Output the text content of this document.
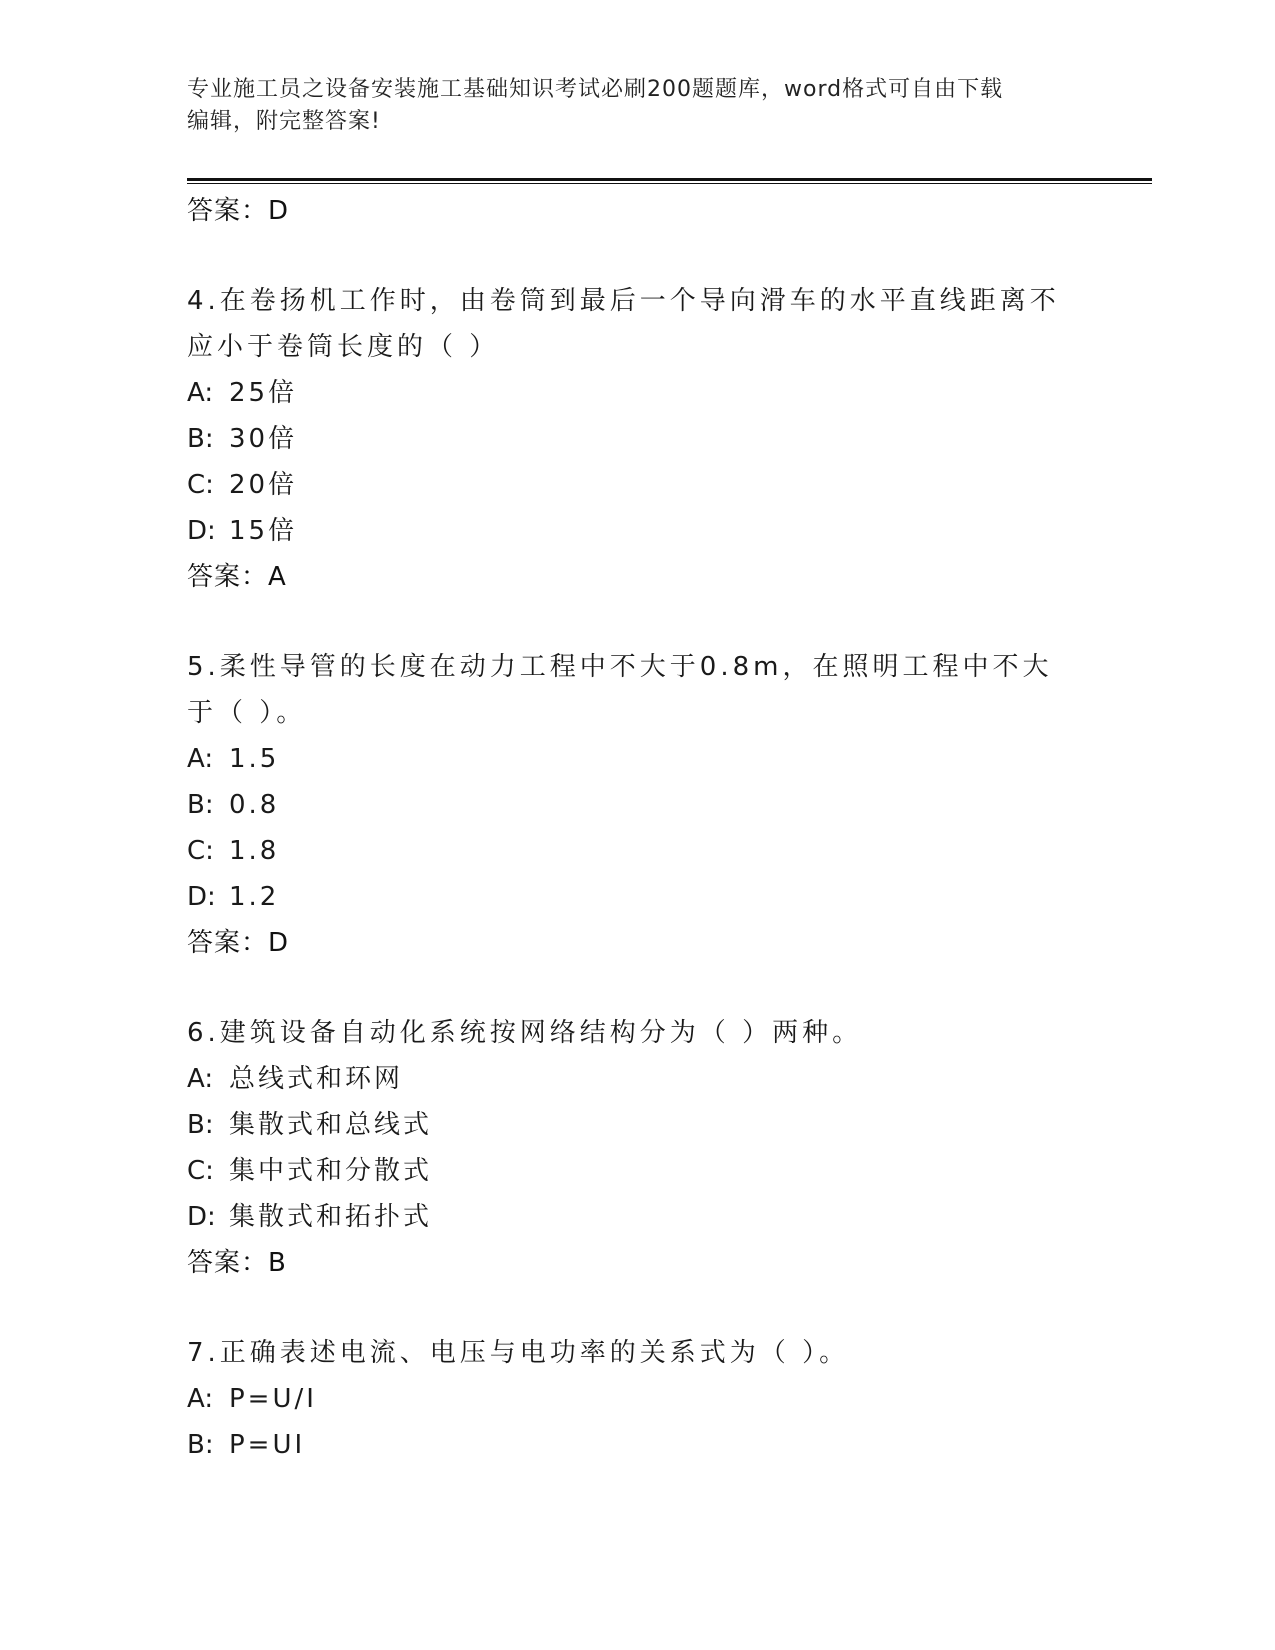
专业施工员之设备安装施工基础知识考试必刷200题题库，word格式可自由下载
编辑，附完整答案!
答案：D
4.在卷扬机工作时，由卷筒到最后一个导向滑车的水平直线距离不应小于卷筒长度的（ ）
A: 25倍
B: 30倍
C: 20倍
D: 15倍
答案：A
5.柔性导管的长度在动力工程中不大于0.8m，在照明工程中不大于（ ）。
A: 1.5
B: 0.8
C: 1.8
D: 1.2
答案：D
6.建筑设备自动化系统按网络结构分为（ ）两种。
A: 总线式和环网
B: 集散式和总线式
C: 集中式和分散式
D: 集散式和拓扑式
答案：B
7.正确表述电流、电压与电功率的关系式为（ ）。
A: P=U/I
B: P=UI
